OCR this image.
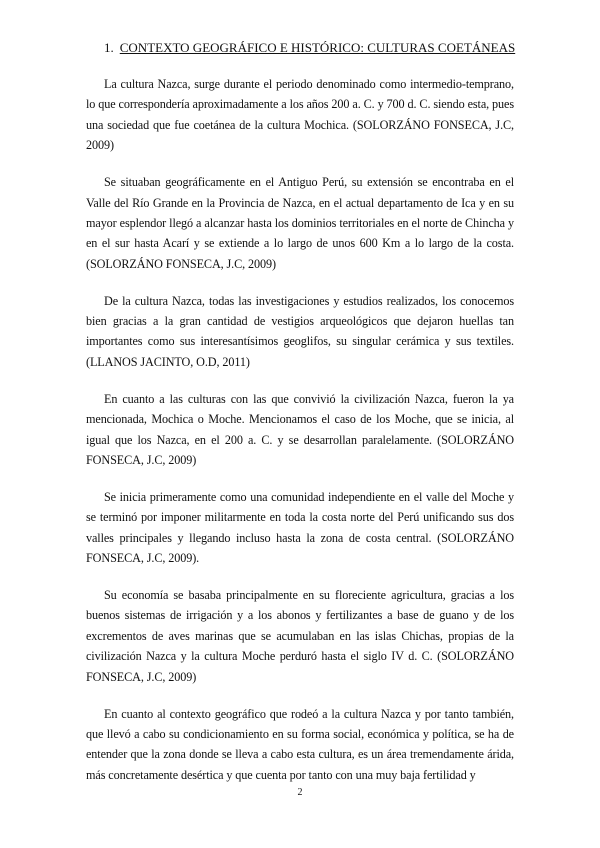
1. CONTEXTO GEOGRÁFICO E HISTÓRICO: CULTURAS COETÁNEAS

La cultura Nazca, surge durante el periodo denominado como intermedio-temprano, lo que correspondería aproximadamente a los años 200 a. C. y 700 d. C. siendo esta, pues una sociedad que fue coetánea de la cultura Mochica. (SOLORZÁNO FONSECA, J.C, 2009)

Se situaban geográficamente en el Antiguo Perú, su extensión se encontraba en el Valle del Río Grande en la Provincia de Nazca, en el actual departamento de Ica y en su mayor esplendor llegó a alcanzar hasta los dominios territoriales en el norte de Chincha y en el sur hasta Acarí y se extiende a lo largo de unos 600 Km a lo largo de la costa. (SOLORZÁNO FONSECA, J.C, 2009)

De la cultura Nazca, todas las investigaciones y estudios realizados, los conocemos bien gracias a la gran cantidad de vestigios arqueológicos que dejaron huellas tan importantes como sus interesantísimos geoglifos, su singular cerámica y sus textiles. (LLANOS JACINTO, O.D, 2011)

En cuanto a las culturas con las que convivió la civilización Nazca, fueron la ya mencionada, Mochica o Moche. Mencionamos el caso de los Moche, que se inicia, al igual que los Nazca, en el 200 a. C. y se desarrollan paralelamente. (SOLORZÁNO FONSECA, J.C, 2009)

Se inicia primeramente como una comunidad independiente en el valle del Moche y se terminó por imponer militarmente en toda la costa norte del Perú unificando sus dos valles principales y llegando incluso hasta la zona de costa central. (SOLORZÁNO FONSECA, J.C, 2009).

Su economía se basaba principalmente en su floreciente agricultura, gracias a los buenos sistemas de irrigación y a los abonos y fertilizantes a base de guano y de los excrementos de aves marinas que se acumulaban en las islas Chichas, propias de la civilización Nazca y la cultura Moche perduró hasta el siglo IV d. C. (SOLORZÁNO FONSECA, J.C, 2009)

En cuanto al contexto geográfico que rodeó a la cultura Nazca y por tanto también, que llevó a cabo su condicionamiento en su forma social, económica y política, se ha de entender que la zona donde se lleva a cabo esta cultura, es un área tremendamente árida, más concretamente desértica y que cuenta por tanto con una muy baja fertilidad y

2
